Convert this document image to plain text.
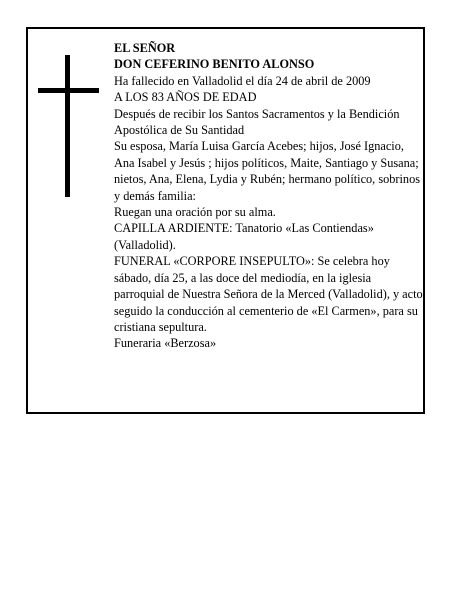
EL SEÑOR

DON CEFERINO BENITO ALONSO

Ha fallecido en Valladolid el día 24 de abril de 2009

A LOS 83 AÑOS DE EDAD

Después de recibir los Santos Sacramentos y la Bendición Apostólica de Su Santidad

Su esposa, María Luisa García Acebes; hijos, José Ignacio, Ana Isabel y Jesús ; hijos políticos, Maite, Santiago y Susana; nietos, Ana, Elena, Lydia y Rubén; hermano político, sobrinos y demás familia:

Ruegan una oración por su alma.

CAPILLA ARDIENTE: Tanatorio «Las Contiendas» (Valladolid).

FUNERAL «CORPORE INSEPULTO»: Se celebra hoy sábado, día 25, a las doce del mediodía, en la iglesia parroquial de Nuestra Señora de la Merced (Valladolid), y acto seguido la conducción al cementerio de «El Carmen», para su cristiana sepultura.

Funeraria «Berzosa»
